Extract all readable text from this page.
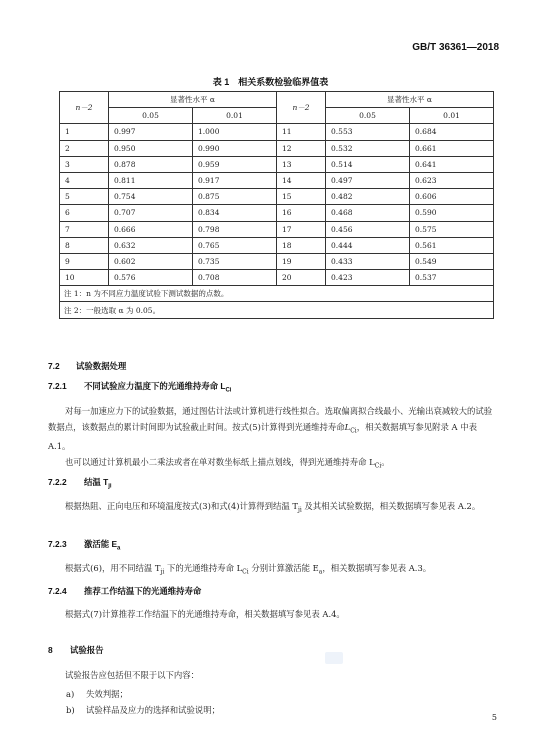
GB/T 36361—2018
表 1　相关系数检验临界值表
n－2	显著性水平 α		n－2	显著性水平 α	
	0.05	0.01		0.05	0.01
1	0.997	1.000	11	0.553	0.684
2	0.950	0.990	12	0.532	0.661
3	0.878	0.959	13	0.514	0.641
4	0.811	0.917	14	0.497	0.623
5	0.754	0.875	15	0.482	0.606
6	0.707	0.834	16	0.468	0.590
7	0.666	0.798	17	0.456	0.575
8	0.632	0.765	18	0.444	0.561
9	0.602	0.735	19	0.433	0.549
10	0.576	0.708	20	0.423	0.537
注 1：n 为不同应力温度试验下测试数据的点数。					
注 2：一般选取 α 为 0.05。					
7.2 试验数据处理
7.2.1 不同试验应力温度下的光通维持寿命 $L_{Ci}$
对每一加速应力下的试验数据，通过图估计法或计算机进行线性拟合。选取偏离拟合线最小、光输出衰减较大的试验数据点，该数据点的累计时间即为试验截止时间。按式(5)计算得到光通维持寿命$L_{Ci}$，相关数据填写参见附录 A 中表 A.1。
也可以通过计算机最小二乘法或者在单对数坐标纸上描点划线，得到光通维持寿命 $L_{Ci}$。
7.2.2 结温 $T_{ji}$
根据热阻、正向电压和环境温度按式(3)和式(4)计算得到结温 $T_{ji}$ 及其相关试验数据，相关数据填写参见表 A.2。
7.2.3 激活能 $E_a$
根据式(6)，用不同结温 $T_{ji}$ 下的光通维持寿命 $L_{Ci}$ 分别计算激活能 $E_a$，相关数据填写参见表 A.3。
7.2.4 推荐工作结温下的光通维持寿命
根据式(7)计算推荐工作结温下的光通维持寿命，相关数据填写参见表 A.4。
8 试验报告
试验报告应包括但不限于以下内容：
a) 失效判据；
b) 试验样品及应力的选择和试验说明；
5
